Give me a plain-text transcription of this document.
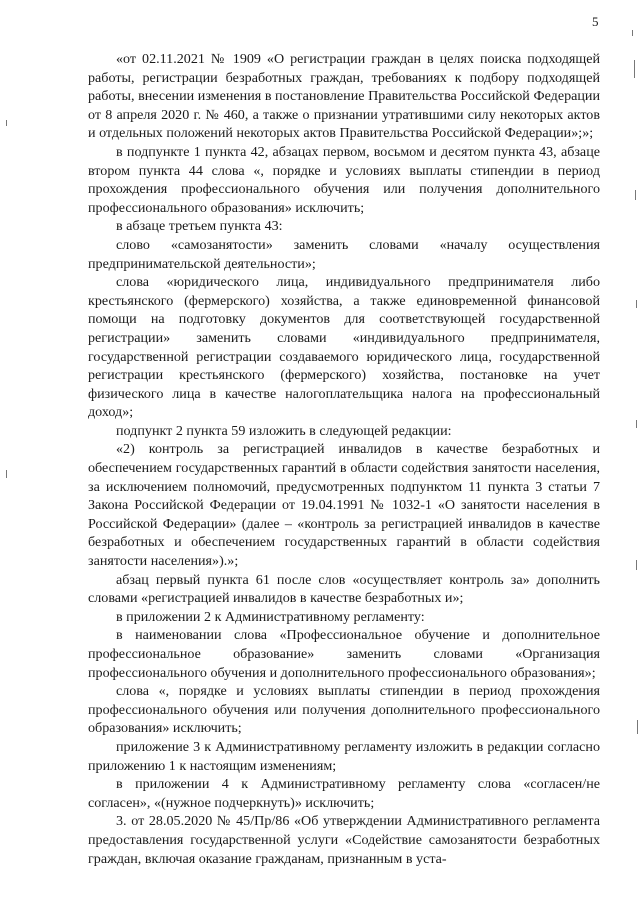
5

«от 02.11.2021 № 1909 «О регистрации граждан в целях поиска подходящей работы, регистрации безработных граждан, требованиях к подбору подходящей работы, внесении изменения в постановление Правительства Российской Федерации от 8 апреля 2020 г. № 460, а также о признании утратившими силу некоторых актов и отдельных положений некоторых актов Правительства Российской Федерации»;»;

в подпункте 1 пункта 42, абзацах первом, восьмом и десятом пункта 43, абзаце втором пункта 44 слова «, порядке и условиях выплаты стипендии в период прохождения профессионального обучения или получения дополнительного профессионального образования» исключить;

в абзаце третьем пункта 43:

слово «самозанятости» заменить словами «началу осуществления предпринимательской деятельности»;

слова «юридического лица, индивидуального предпринимателя либо крестьянского (фермерского) хозяйства, а также единовременной финансовой помощи на подготовку документов для соответствующей государственной регистрации» заменить словами «индивидуального предпринимателя, государственной регистрации создаваемого юридического лица, государственной регистрации крестьянского (фермерского) хозяйства, постановке на учет физического лица в качестве налогоплательщика налога на профессиональный доход»;

подпункт 2 пункта 59 изложить в следующей редакции:

«2) контроль за регистрацией инвалидов в качестве безработных и обеспечением государственных гарантий в области содействия занятости населения, за исключением полномочий, предусмотренных подпунктом 11 пункта 3 статьи 7 Закона Российской Федерации от 19.04.1991 № 1032-1 «О занятости населения в Российской Федерации» (далее – «контроль за регистрацией инвалидов в качестве безработных и обеспечением государственных гарантий в области содействия занятости населения»).»;

абзац первый пункта 61 после слов «осуществляет контроль за» дополнить словами «регистрацией инвалидов в качестве безработных и»;

в приложении 2 к Административному регламенту:

в наименовании слова «Профессиональное обучение и дополнительное профессиональное образование» заменить словами «Организация профессионального обучения и дополнительного профессионального образования»;

слова «, порядке и условиях выплаты стипендии в период прохождения профессионального обучения или получения дополнительного профессионального образования» исключить;

приложение 3 к Административному регламенту изложить в редакции согласно приложению 1 к настоящим изменениям;

в приложении 4 к Административному регламенту слова «согласен/не согласен», «(нужное подчеркнуть)» исключить;

3. от 28.05.2020 № 45/Пр/86 «Об утверждении Административного регламента предоставления государственной услуги «Содействие самозанятости безработных граждан, включая оказание гражданам, признанным в уста-
